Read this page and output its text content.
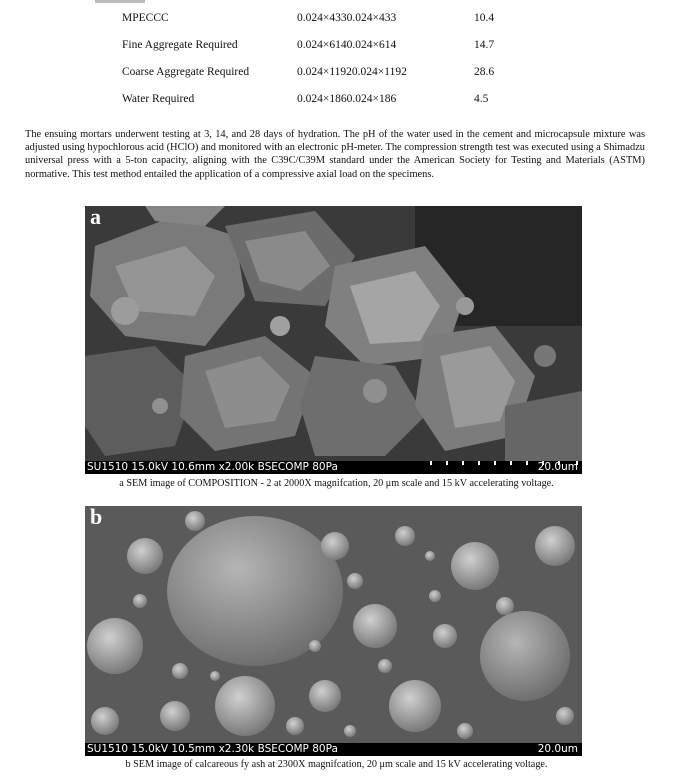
MPECCC	0.024×4330.024×433	10.4
Fine Aggregate Required	0.024×6140.024×614	14.7
Coarse Aggregate Required	0.024×11920.024×1192	28.6
Water Required	0.024×1860.024×186	4.5

The ensuing mortars underwent testing at 3, 14, and 28 days of hydration. The pH of the water used in the cement and microcapsule mixture was adjusted using hypochlorous acid (HClO) and monitored with an electronic pH-meter. The compression strength test was executed using a Shimadzu universal press with a 5-ton capacity, aligning with the C39C/C39M standard under the American Society for Testing and Materials (ASTM) normative. This test method entailed the application of a compressive axial load on the specimens.

a
SU1510 15.0kV 10.6mm x2.00k BSECOMP 80Pa	20.0um
a SEM image of COMPOSITION - 2 at 2000X magnifcation, 20 μm scale and 15 kV accelerating voltage.
b
SU1510 15.0kV 10.5mm x2.30k BSECOMP 80Pa	20.0um
b SEM image of calcareous fy ash at 2300X magnifcation, 20 μm scale and 15 kV accelerating voltage.
